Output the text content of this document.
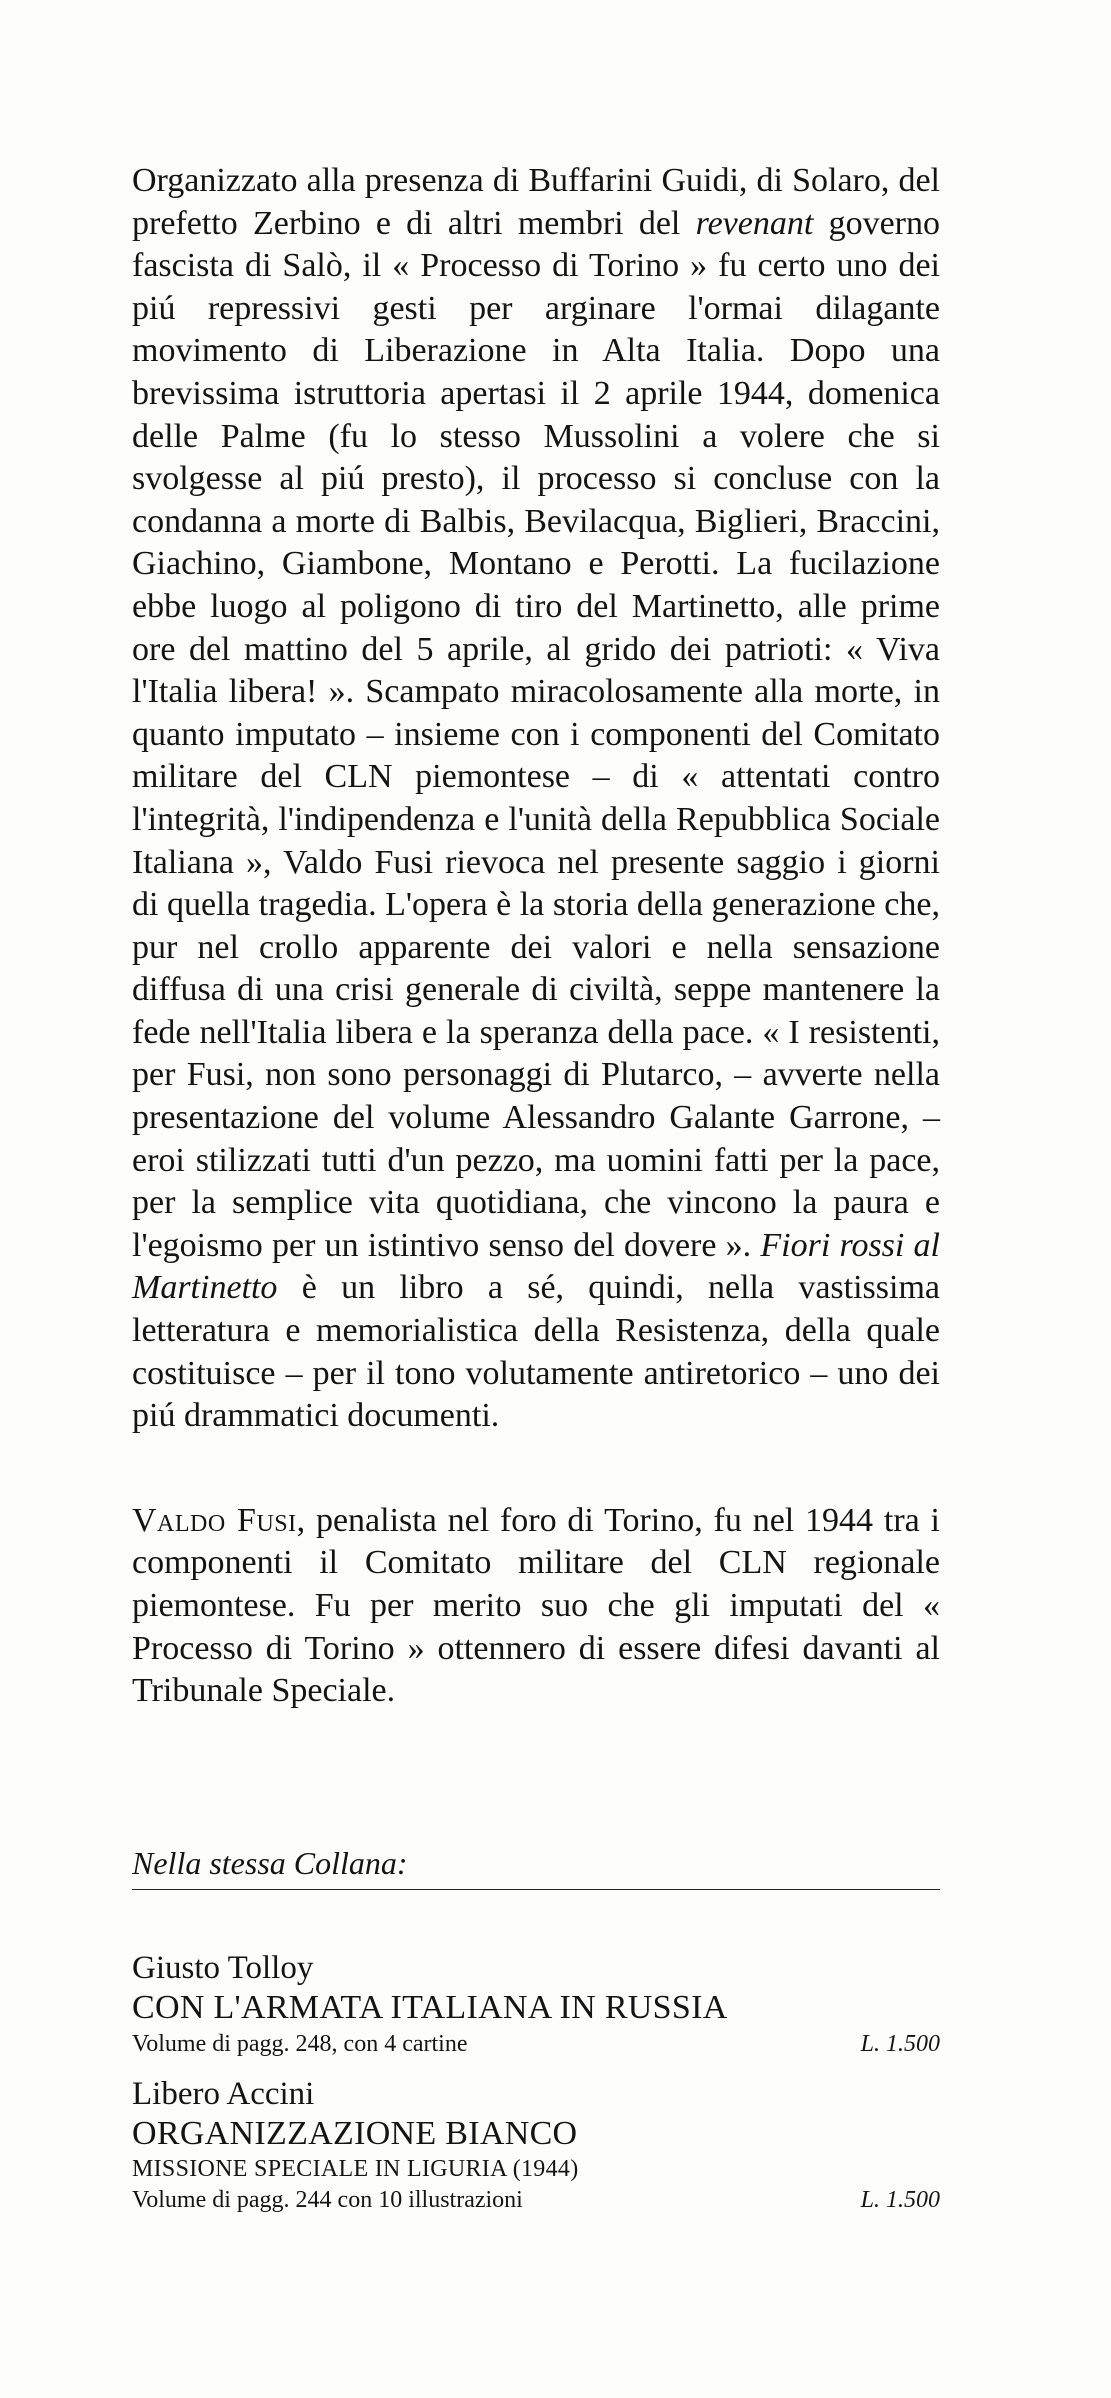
Organizzato alla presenza di Buffarini Guidi, di Solaro, del prefetto Zerbino e di altri membri del revenant governo fascista di Salò, il « Processo di Torino » fu certo uno dei piú repressivi gesti per arginare l'ormai dilagante movimento di Liberazione in Alta Italia. Dopo una brevissima istruttoria apertasi il 2 aprile 1944, domenica delle Palme (fu lo stesso Mussolini a volere che si svolgesse al piú presto), il processo si concluse con la condanna a morte di Balbis, Bevilacqua, Biglieri, Braccini, Giachino, Giambone, Montano e Perotti. La fucilazione ebbe luogo al poligono di tiro del Martinetto, alle prime ore del mattino del 5 aprile, al grido dei patrioti: « Viva l'Italia libera! ». Scampato miracolosamente alla morte, in quanto imputato – insieme con i componenti del Comitato militare del CLN piemontese – di « attentati contro l'integrità, l'indipendenza e l'unità della Repubblica Sociale Italiana », Valdo Fusi rievoca nel presente saggio i giorni di quella tragedia. L'opera è la storia della generazione che, pur nel crollo apparente dei valori e nella sensazione diffusa di una crisi generale di civiltà, seppe mantenere la fede nell'Italia libera e la speranza della pace. « I resistenti, per Fusi, non sono personaggi di Plutarco, – avverte nella presentazione del volume Alessandro Galante Garrone, – eroi stilizzati tutti d'un pezzo, ma uomini fatti per la pace, per la semplice vita quotidiana, che vincono la paura e l'egoismo per un istintivo senso del dovere ». Fiori rossi al Martinetto è un libro a sé, quindi, nella vastissima letteratura e memorialistica della Resistenza, della quale costituisce – per il tono volutamente antiretorico – uno dei piú drammatici documenti.

Valdo Fusi, penalista nel foro di Torino, fu nel 1944 tra i componenti il Comitato militare del CLN regionale piemontese. Fu per merito suo che gli imputati del « Processo di Torino » ottennero di essere difesi davanti al Tribunale Speciale.

Nella stessa Collana:

Giusto Tolloy

CON L'ARMATA ITALIANA IN RUSSIA

Volume di pagg. 248, con 4 cartine	L. 1.500

Libero Accini

ORGANIZZAZIONE BIANCO

MISSIONE SPECIALE IN LIGURIA (1944)

Volume di pagg. 244 con 10 illustrazioni	L. 1.500
